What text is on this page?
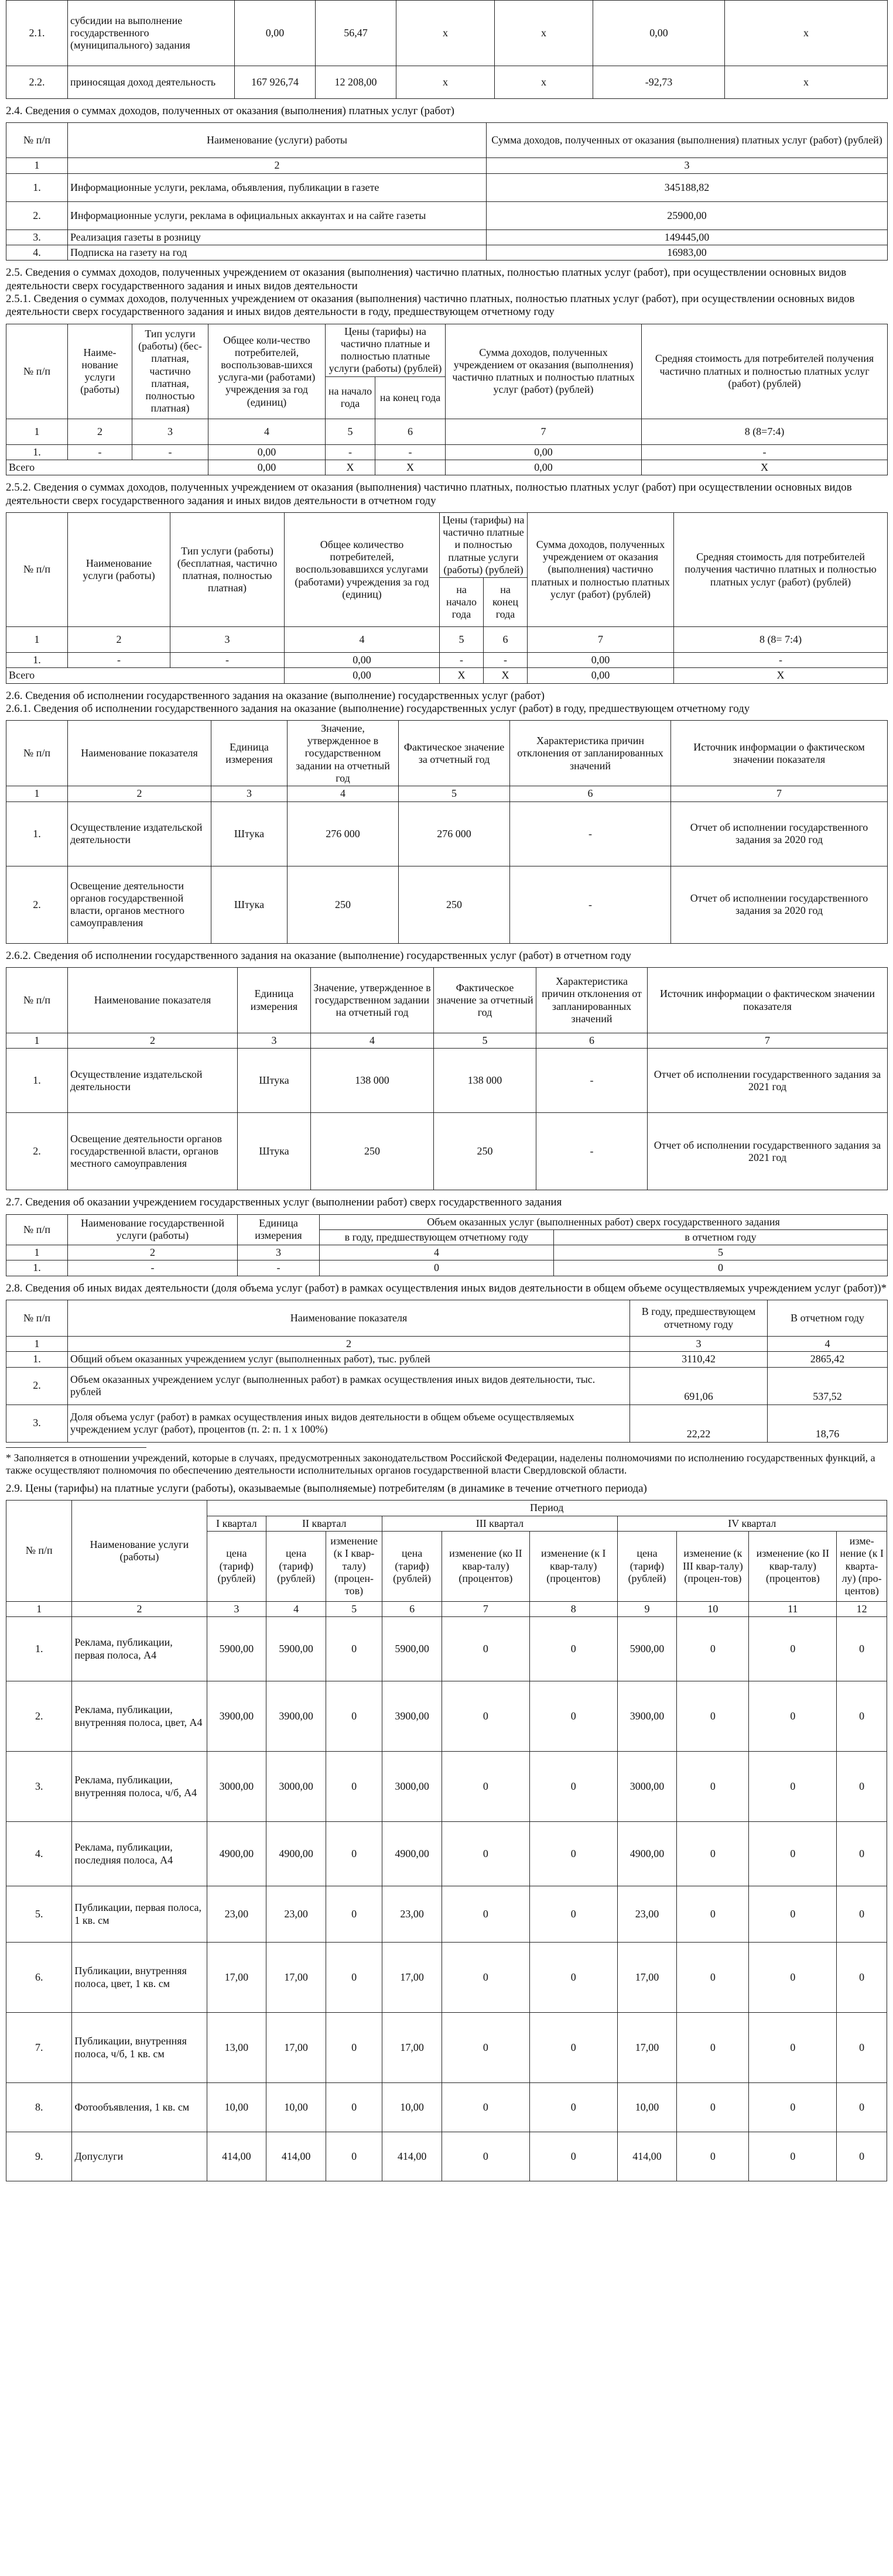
2.1.	субсидии на выполнение государственного (муниципального) задания	0,00	56,47	x	x	0,00	x
2.2.	приносящая доход деятельность	167 926,74	12 208,00	x	x	-92,73	x
2.4. Сведения о суммах доходов, полученных от оказания (выполнения) платных услуг (работ)
№ п/п	Наименование (услуги) работы	Сумма доходов, полученных от оказания (выполнения) платных услуг (работ) (рублей)
1	2	3
1.	Информационные услуги, реклама, объявления, публикации в газете	345188,82
2.	Информационные услуги, реклама в официальных аккаунтах и на сайте газеты	25900,00
3.	Реализация газеты в розницу	149445,00
4.	Подписка на газету на год	16983,00
2.5. Сведения о суммах доходов, полученных учреждением от оказания (выполнения) частично платных, полностью платных услуг (работ), при осуществлении основных видов деятельности сверх государственного задания и иных видов деятельности
2.5.1. Сведения о суммах доходов, полученных учреждением от оказания (выполнения) частично платных, полностью платных услуг (работ), при осуществлении основных видов деятельности сверх государственного задания и иных видов деятельности в году, предшествующем отчетному году
№ п/п	Наиме-нование услуги (работы)	Тип услуги (работы) (бес-платная, частично платная, полностью платная)	Общее коли-чество потребителей, воспользовав-шихся услуга-ми (работами) учреждения за год (единиц)	Цены (тарифы) на частично платные и полностью платные услуги (работы) (рублей)		Сумма доходов, полученных учреждением от оказания (выполнения) частично платных и полностью платных услуг (работ) (рублей)	Средняя стоимость для потребителей получения частично платных и полностью платных услуг (работ) (рублей)
				на начало года	на конец года		
1	2	3	4	5	6	7	8 (8=7:4)
1.	-	-	0,00	-	-	0,00	-
Всего			0,00	X	X	0,00	X
2.5.2. Сведения о суммах доходов, полученных учреждением от оказания (выполнения) частично платных, полностью платных услуг (работ) при осуществлении основных видов деятельности сверх государственного задания и иных видов деятельности в отчетном году
№ п/п	Наименование услуги (работы)	Тип услуги (работы) (бесплатная, частично платная, полностью платная)	Общее количество потребителей, воспользовавшихся услугами (работами) учреждения за год (единиц)	Цены (тарифы) на частично платные и полностью платные услуги (работы) (рублей)		Сумма доходов, полученных учреждением от оказания (выполнения) частично платных и полностью платных услуг (работ) (рублей)	Средняя стоимость для потребителей получения частично платных и полностью платных услуг (работ) (рублей)
				на начало года	на конец года		
1	2	3	4	5	6	7	8 (8= 7:4)
1.	-	-	0,00	-	-	0,00	-
Всего			0,00	X	X	0,00	X
2.6. Сведения об исполнении государственного задания на оказание (выполнение) государственных услуг (работ)
2.6.1. Сведения об исполнении государственного задания на оказание (выполнение) государственных услуг (работ) в году, предшествующем отчетному году
№ п/п	Наименование показателя	Единица измерения	Значение, утвержденное в государственном задании на отчетный год	Фактическое значение за отчетный год	Характеристика причин отклонения от запланированных значений	Источник информации о фактическом значении показателя
1	2	3	4	5	6	7
1.	Осуществление издательской деятельности	Штука	276 000	276 000	-	Отчет об исполнении государственного задания за 2020 год
2.	Освещение деятельности органов государственной власти, органов местного самоуправления	Штука	250	250	-	Отчет об исполнении государственного задания за 2020 год
2.6.2. Сведения об исполнении государственного задания на оказание (выполнение) государственных услуг (работ) в отчетном году
№ п/п	Наименование показателя	Единица измерения	Значение, утвержденное в государственном задании на отчетный год	Фактическое значение за отчетный год	Характеристика причин отклонения от запланированных значений	Источник информации о фактическом значении показателя
1	2	3	4	5	6	7
1.	Осуществление издательской деятельности	Штука	138 000	138 000	-	Отчет об исполнении государственного задания за 2021 год
2.	Освещение деятельности органов государственной власти, органов местного самоуправления	Штука	250	250	-	Отчет об исполнении государственного задания за 2021 год
2.7. Сведения об оказании учреждением государственных услуг (выполнении работ) сверх государственного задания
№ п/п	Наименование государственной услуги (работы)	Единица измерения	Объем оказанных услуг (выполненных работ) сверх государственного задания	
			в году, предшествующем отчетному году	в отчетном году
1	2	3	4	5
1.	-	-	0	0
2.8. Сведения об иных видах деятельности (доля объема услуг (работ) в рамках осуществления иных видов деятельности в общем объеме осуществляемых учреждением услуг (работ))*
№ п/п	Наименование показателя	В году, предшествующем отчетному году	В отчетном году
1	2	3	4
1.	Общий объем оказанных учреждением услуг (выполненных работ), тыс. рублей	3110,42	2865,42
2.	Объем оказанных учреждением услуг (выполненных работ) в рамках осуществления иных видов деятельности, тыс. рублей	691,06	537,52
3.	Доля объема услуг (работ) в рамках осуществления иных видов деятельности в общем объеме осуществляемых учреждением услуг (работ), процентов (п. 2: п. 1 x 100%)	22,22	18,76
* Заполняется в отношении учреждений, которые в случаях, предусмотренных законодательством Российской Федерации, наделены полномочиями по исполнению государственных функций, а также осуществляют полномочия по обеспечению деятельности исполнительных органов государственной власти Свердловской области.
2.9. Цены (тарифы) на платные услуги (работы), оказываемые (выполняемые) потребителям (в динамике в течение отчетного периода)
№ п/п	Наименование услуги (работы)	Период									
		I квартал	II квартал		III квартал			IV квартал			
		цена (тариф) (рублей)	цена (тариф) (рублей)	изменение (к I квар-талу) (процен-тов)	цена (тариф) (рублей)	изменение (ко II квар-талу) (процентов)	изменение (к I квар-талу) (процентов)	цена (тариф) (рублей)	изменение (к III квар-талу) (процен-тов)	изменение (ко II квар-талу) (процентов)	изме-нение (к I кварта-лу) (про-центов)
1	2	3	4	5	6	7	8	9	10	11	12
1.	Реклама, публикации, первая полоса, А4	5900,00	5900,00	0	5900,00	0	0	5900,00	0	0	0
2.	Реклама, публикации, внутренняя полоса, цвет, А4	3900,00	3900,00	0	3900,00	0	0	3900,00	0	0	0
3.	Реклама, публикации, внутренняя полоса, ч/б, А4	3000,00	3000,00	0	3000,00	0	0	3000,00	0	0	0
4.	Реклама, публикации, последняя полоса, А4	4900,00	4900,00	0	4900,00	0	0	4900,00	0	0	0
5.	Публикации, первая полоса, 1 кв. см	23,00	23,00	0	23,00	0	0	23,00	0	0	0
6.	Публикации, внутренняя полоса, цвет, 1 кв. см	17,00	17,00	0	17,00	0	0	17,00	0	0	0
7.	Публикации, внутренняя полоса, ч/б, 1 кв. см	13,00	17,00	0	17,00	0	0	17,00	0	0	0
8.	Фотообъявления, 1 кв. см	10,00	10,00	0	10,00	0	0	10,00	0	0	0
9.	Допуслуги	414,00	414,00	0	414,00	0	0	414,00	0	0	0
